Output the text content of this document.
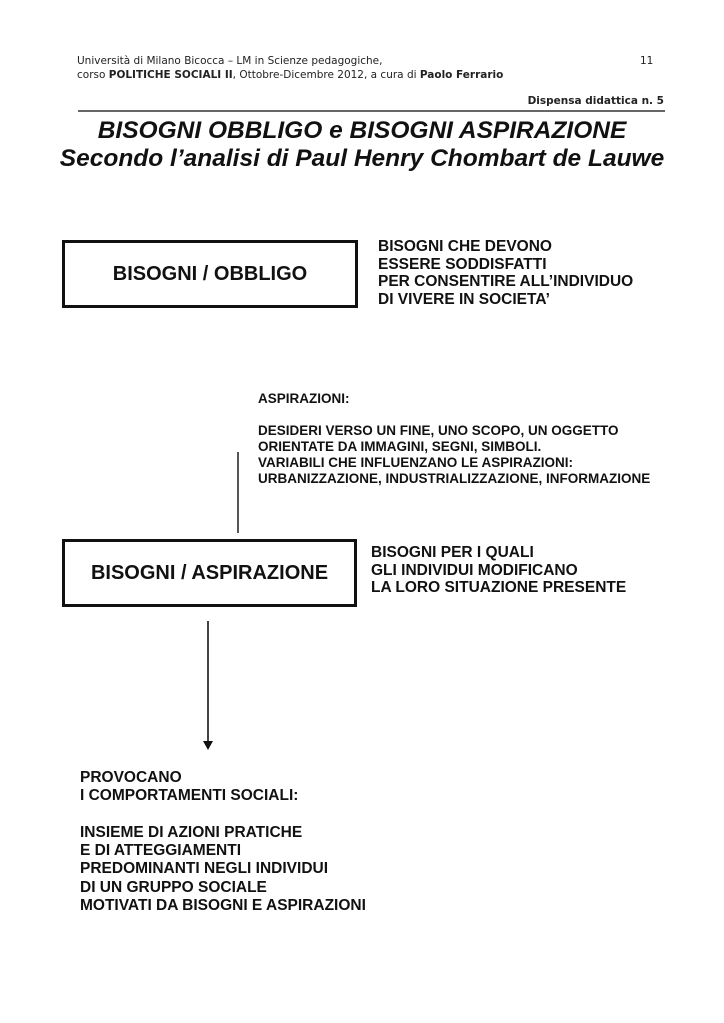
Università di Milano Bicocca – LM in Scienze pedagogiche,
corso POLITICHE SOCIALI II, Ottobre-Dicembre 2012, a cura di Paolo Ferrario
11
Dispensa didattica n. 5
BISOGNI OBBLIGO e BISOGNI ASPIRAZIONE
Secondo l’analisi di Paul Henry Chombart de Lauwe
BISOGNI / OBBLIGO
BISOGNI CHE DEVONO
ESSERE SODDISFATTI
PER CONSENTIRE ALL’INDIVIDUO
DI VIVERE IN SOCIETA’
ASPIRAZIONI:
DESIDERI VERSO UN FINE, UNO SCOPO, UN OGGETTO
ORIENTATE DA IMMAGINI, SEGNI, SIMBOLI.
VARIABILI CHE INFLUENZANO LE ASPIRAZIONI:
URBANIZZAZIONE, INDUSTRIALIZZAZIONE, INFORMAZIONE
BISOGNI / ASPIRAZIONE
BISOGNI PER I QUALI
GLI INDIVIDUI MODIFICANO
LA LORO SITUAZIONE PRESENTE
PROVOCANO
I COMPORTAMENTI SOCIALI:
INSIEME DI AZIONI PRATICHE
E DI ATTEGGIAMENTI
PREDOMINANTI NEGLI INDIVIDUI
DI UN GRUPPO SOCIALE
MOTIVATI DA BISOGNI E ASPIRAZIONI
